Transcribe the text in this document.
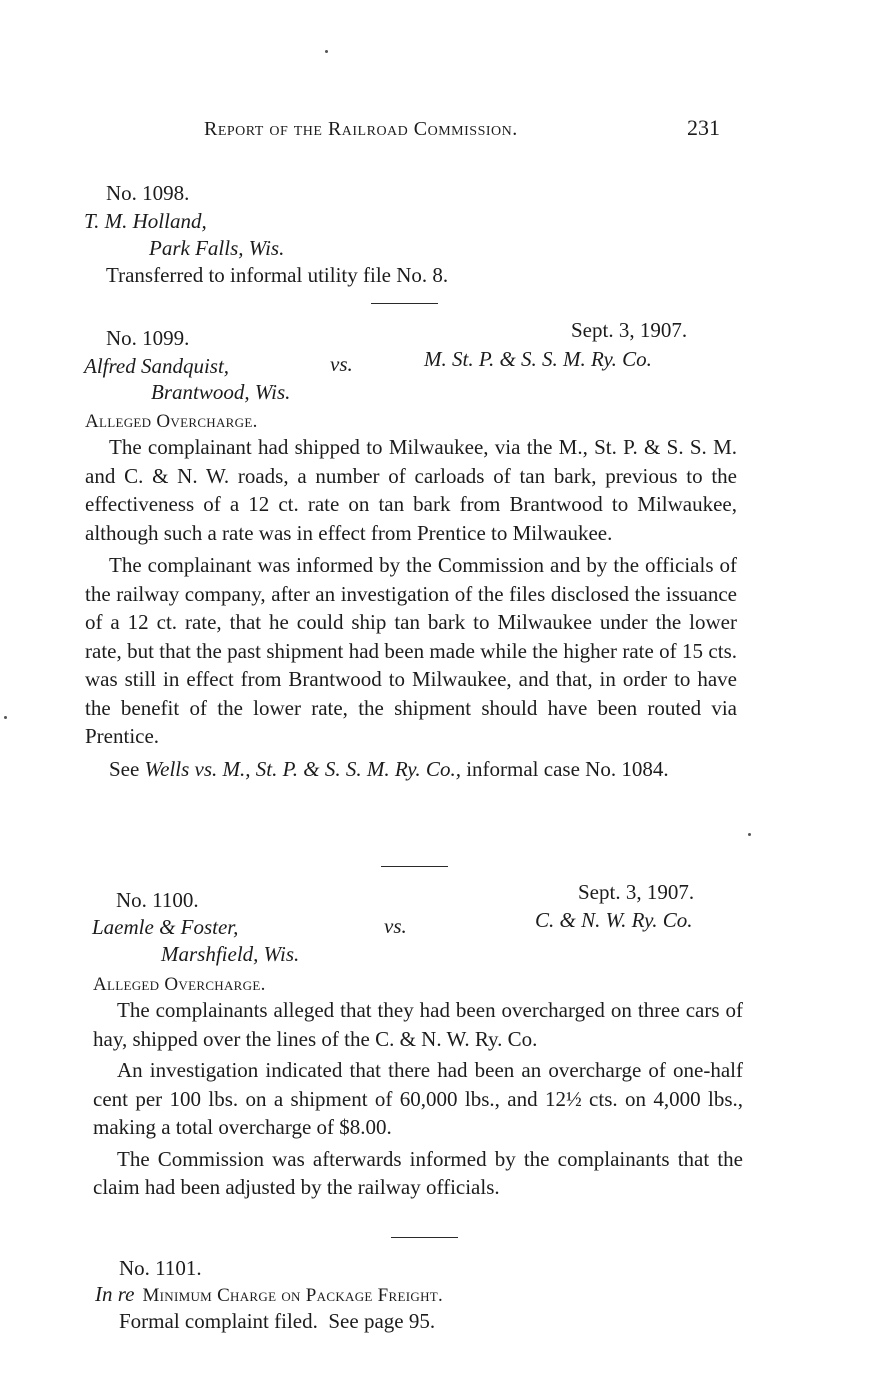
Report of the Railroad Commission.	231
No. 1098.
T. M. Holland,
Park Falls, Wis.
Transferred to informal utility file No. 8.
No. 1099.	Sept. 3, 1907.
Alfred Sandquist,	vs.	M. St. P. & S. S. M. Ry. Co.
Brantwood, Wis.
Alleged Overcharge.

The complainant had shipped to Milwaukee, via the M., St. P. & S. S. M. and C. & N. W. roads, a number of carloads of tan bark, previous to the effectiveness of a 12 ct. rate on tan bark from Brantwood to Milwaukee, although such a rate was in effect from Prentice to Milwaukee.

The complainant was informed by the Commission and by the officials of the railway company, after an investigation of the files disclosed the issuance of a 12 ct. rate, that he could ship tan bark to Milwaukee under the lower rate, but that the past shipment had been made while the higher rate of 15 cts. was still in effect from Brantwood to Milwaukee, and that, in order to have the benefit of the lower rate, the shipment should have been routed via Prentice.

See Wells vs. M., St. P. & S. S. M. Ry. Co., informal case No. 1084.

No. 1100.	Sept. 3, 1907.
Laemle & Foster,	vs.	C. & N. W. Ry. Co.
Marshfield, Wis.
Alleged Overcharge.

The complainants alleged that they had been overcharged on three cars of hay, shipped over the lines of the C. & N. W. Ry. Co.

An investigation indicated that there had been an overcharge of one-half cent per 100 lbs. on a shipment of 60,000 lbs., and 12½ cts. on 4,000 lbs., making a total overcharge of $8.00.

The Commission was afterwards informed by the complainants that the claim had been adjusted by the railway officials.

No. 1101.
In re Minimum Charge on Package Freight.
Formal complaint filed.  See page 95.
